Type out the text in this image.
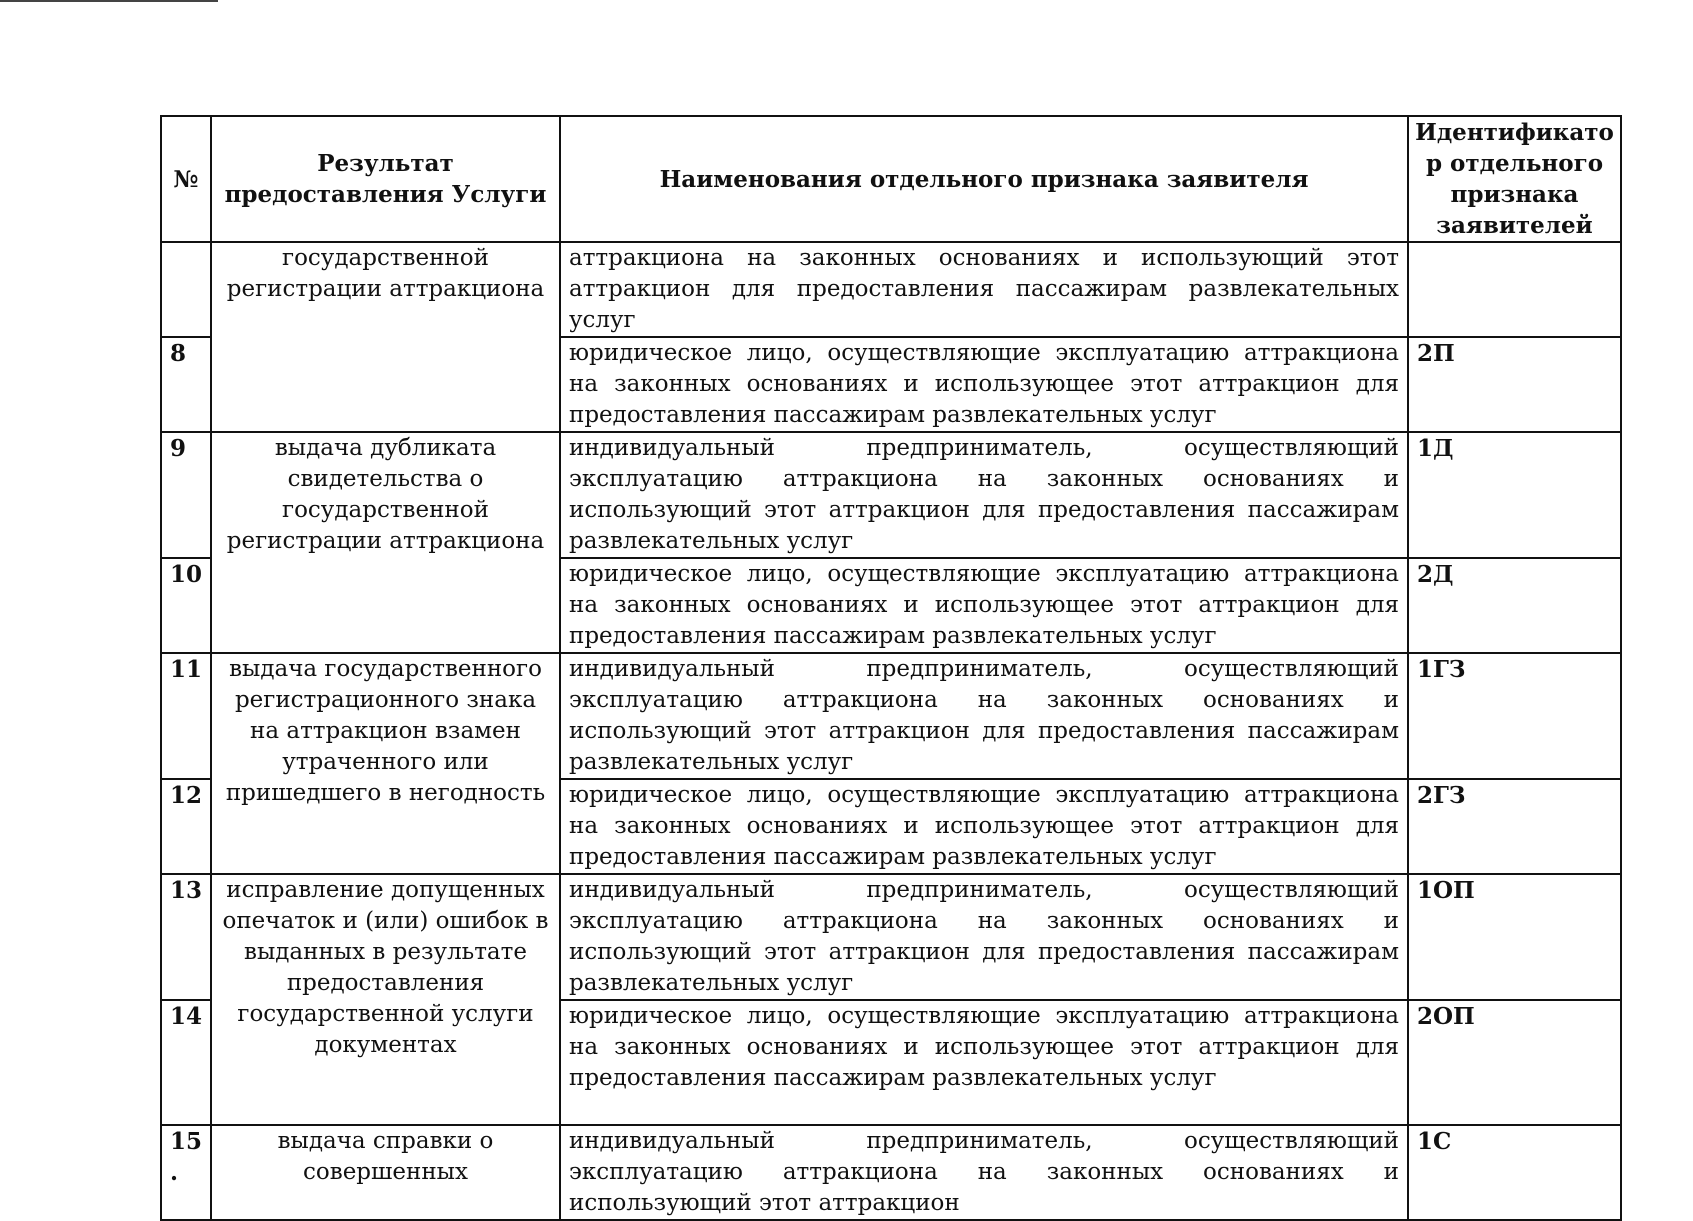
№	Результат предоставления Услуги	Наименования отдельного признака заявителя	Идентификато р отдельного признака заявителей
	государственной регистрации аттракциона	аттракциона на законных основаниях и использующий этот аттракцион для предоставления пассажирам развлекательных услуг	
8		юридическое лицо, осуществляющие эксплуатацию аттракциона на законных основаниях и использующее этот аттракцион для предоставления пассажирам развлекательных услуг	2П
9	выдача дубликата свидетельства о государственной регистрации аттракциона	индивидуальный предприниматель, осуществляющий эксплуатацию аттракциона на законных основаниях и использующий этот аттракцион для предоставления пассажирам развлекательных услуг	1Д
10		юридическое лицо, осуществляющие эксплуатацию аттракциона на законных основаниях и использующее этот аттракцион для предоставления пассажирам развлекательных услуг	2Д
11	выдача государственного регистрационного знака на аттракцион взамен утраченного или пришедшего в негодность	индивидуальный предприниматель, осуществляющий эксплуатацию аттракциона на законных основаниях и использующий этот аттракцион для предоставления пассажирам развлекательных услуг	1ГЗ
12		юридическое лицо, осуществляющие эксплуатацию аттракциона на законных основаниях и использующее этот аттракцион для предоставления пассажирам развлекательных услуг	2ГЗ
13	исправление допущенных опечаток и (или) ошибок в выданных в результате предоставления государственной услуги документах	индивидуальный предприниматель, осуществляющий эксплуатацию аттракциона на законных основаниях и использующий этот аттракцион для предоставления пассажирам развлекательных услуг	1ОП
14		юридическое лицо, осуществляющие эксплуатацию аттракциона на законных основаниях и использующее этот аттракцион для предоставления пассажирам развлекательных услуг	2ОП
15 .	выдача справки о совершенных	индивидуальный предприниматель, осуществляющий эксплуатацию аттракциона на законных основаниях и использующий этот аттракцион	1С
